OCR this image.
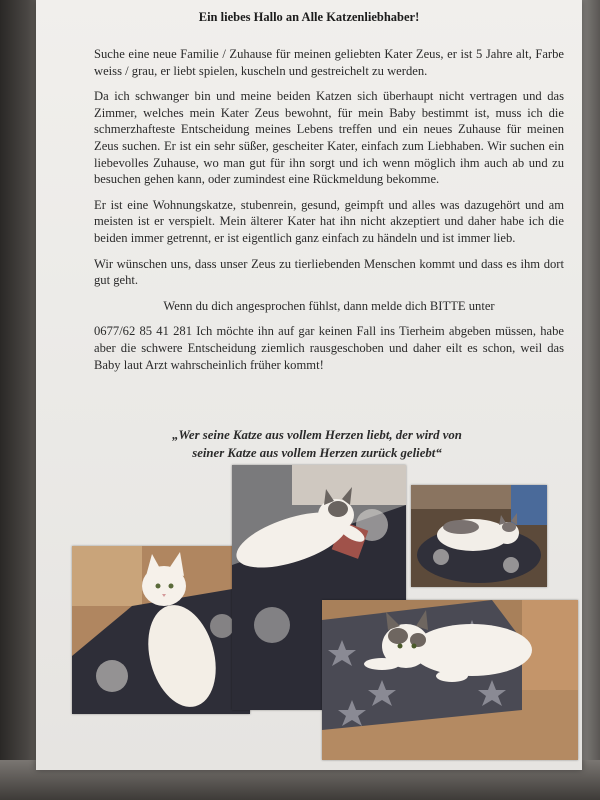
Ein liebes Hallo an Alle Katzenliebhaber!

Suche eine neue Familie / Zuhause für meinen geliebten Kater Zeus, er ist 5 Jahre alt, Farbe weiss / grau, er liebt spielen, kuscheln und gestreichelt zu werden.

Da ich schwanger bin und meine beiden Katzen sich überhaupt nicht vertragen und das Zimmer, welches mein Kater Zeus bewohnt, für mein Baby bestimmt ist, muss ich die schmerzhafteste Entscheidung meines Lebens treffen und ein neues Zuhause für meinen Zeus suchen. Er ist ein sehr süßer, gescheiter Kater, einfach zum Liebhaben. Wir suchen ein liebevolles Zuhause, wo man gut für ihn sorgt und ich wenn möglich ihm auch ab und zu besuchen gehen kann, oder zumindest eine Rückmeldung bekomme.

Er ist eine Wohnungskatze, stubenrein, gesund, geimpft und alles was dazugehört und am meisten ist er verspielt. Mein älterer Kater hat ihn nicht akzeptiert und daher habe ich die beiden immer getrennt, er ist eigentlich ganz einfach zu händeln und ist immer lieb.

Wir wünschen uns, dass unser Zeus zu tierliebenden Menschen kommt und dass es ihm dort gut geht.

Wenn du dich angesprochen fühlst, dann melde dich BITTE unter

0677/62 85 41 281 Ich möchte ihn auf gar keinen Fall ins Tierheim abgeben müssen, habe aber die schwere Entscheidung ziemlich rausgeschoben und daher eilt es schon, weil das Baby laut Arzt wahrscheinlich früher kommt!

„Wer seine Katze aus vollem Herzen liebt, der wird von
seiner Katze aus vollem Herzen zurück geliebt“
